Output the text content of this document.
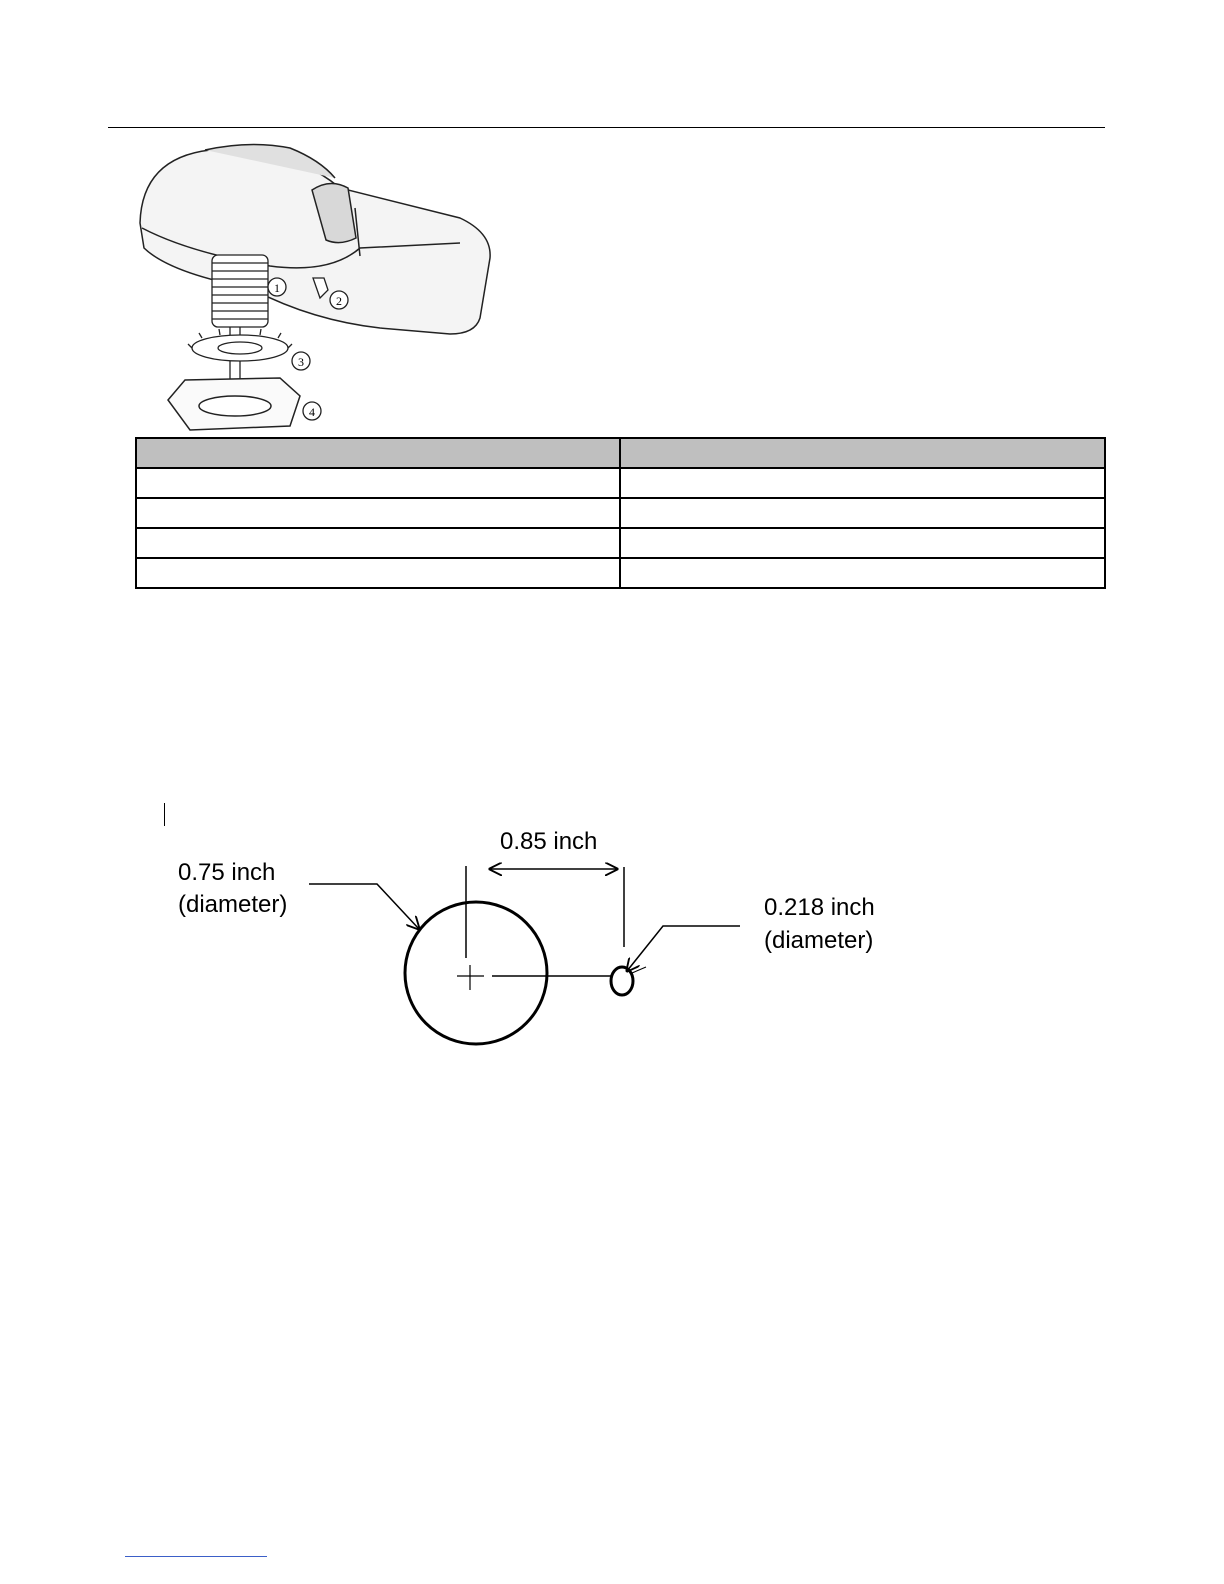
1
2
3
4

0.85 inch
0.75 inch
(diameter)	0.218 inch
(diameter)
